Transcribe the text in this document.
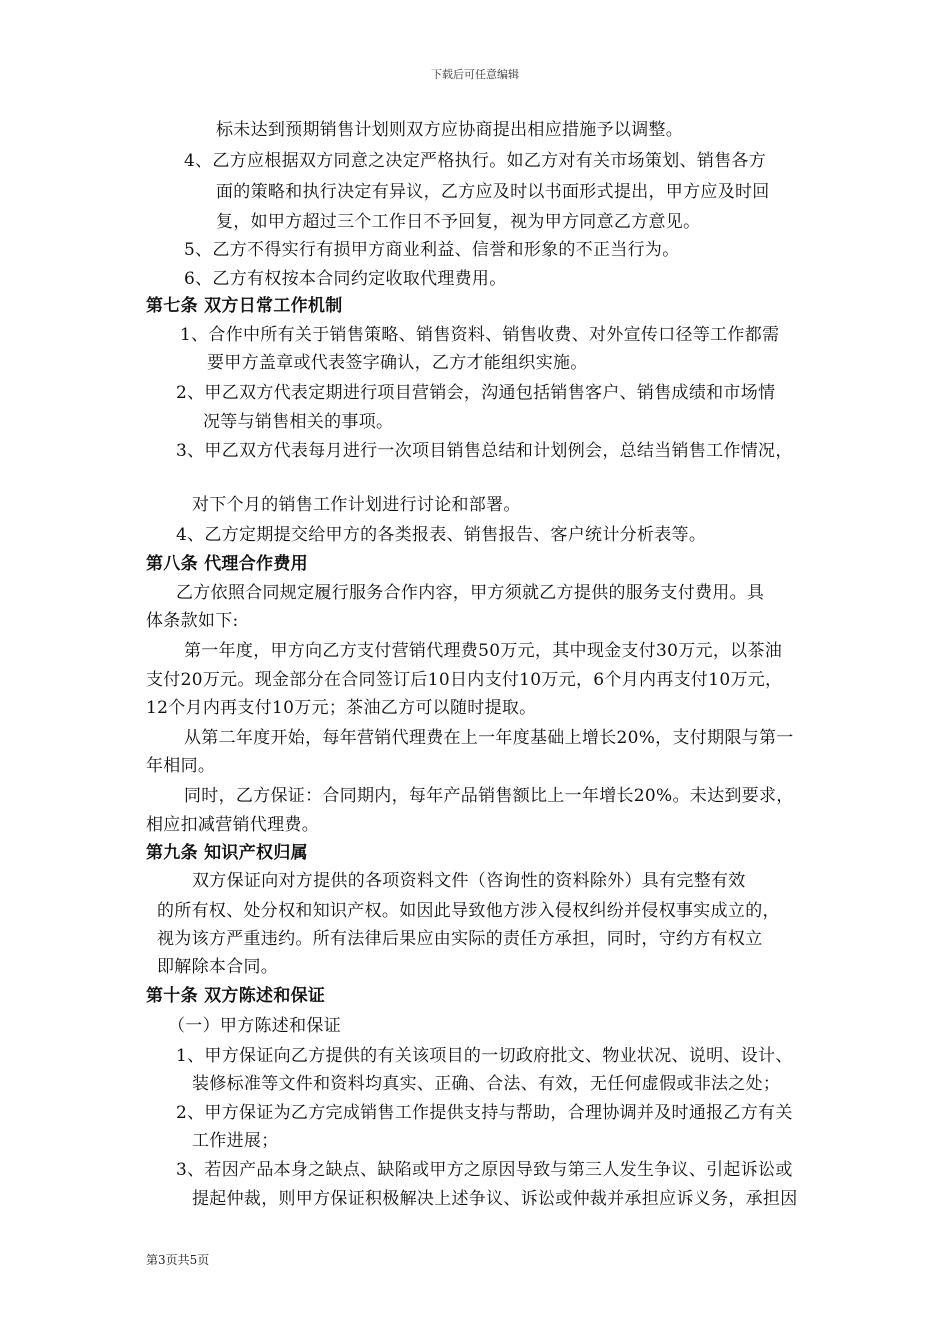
下载后可任意编辑
标未达到预期销售计划则双方应协商提出相应措施予以调整。
4、乙方应根据双方同意之决定严格执行。如乙方对有关市场策划、销售各方
面的策略和执行决定有异议，乙方应及时以书面形式提出，甲方应及时回
复，如甲方超过三个工作日不予回复，视为甲方同意乙方意见。
5、乙方不得实行有损甲方商业利益、信誉和形象的不正当行为。
6、乙方有权按本合同约定收取代理费用。
第七条 双方日常工作机制
1、合作中所有关于销售策略、销售资料、销售收费、对外宣传口径等工作都需
要甲方盖章或代表签字确认，乙方才能组织实施。
2、甲乙双方代表定期进行项目营销会，沟通包括销售客户、销售成绩和市场情
况等与销售相关的事项。
3、甲乙双方代表每月进行一次项目销售总结和计划例会，总结当销售工作情况，
对下个月的销售工作计划进行讨论和部署。
4、乙方定期提交给甲方的各类报表、销售报告、客户统计分析表等。
第八条 代理合作费用
乙方依照合同规定履行服务合作内容，甲方须就乙方提供的服务支付费用。具
体条款如下:
第一年度，甲方向乙方支付营销代理费50万元，其中现金支付30万元，以茶油
支付20万元。现金部分在合同签订后10日内支付10万元，6个月内再支付10万元，
12个月内再支付10万元；茶油乙方可以随时提取。
从第二年度开始，每年营销代理费在上一年度基础上增长20%，支付期限与第一
年相同。
同时，乙方保证：合同期内，每年产品销售额比上一年增长20%。未达到要求，
相应扣减营销代理费。
第九条 知识产权归属
双方保证向对方提供的各项资料文件（咨询性的资料除外）具有完整有效
的所有权、处分权和知识产权。如因此导致他方涉入侵权纠纷并侵权事实成立的，
视为该方严重违约。所有法律后果应由实际的责任方承担，同时，守约方有权立
即解除本合同。
第十条 双方陈述和保证
（一）甲方陈述和保证
1、甲方保证向乙方提供的有关该项目的一切政府批文、物业状况、说明、设计、
装修标准等文件和资料均真实、正确、合法、有效，无任何虚假或非法之处；
2、甲方保证为乙方完成销售工作提供支持与帮助，合理协调并及时通报乙方有关
工作进展；
3、若因产品本身之缺点、缺陷或甲方之原因导致与第三人发生争议、引起诉讼或
提起仲裁，则甲方保证积极解决上述争议、诉讼或仲裁并承担应诉义务，承担因
第3页共5页
